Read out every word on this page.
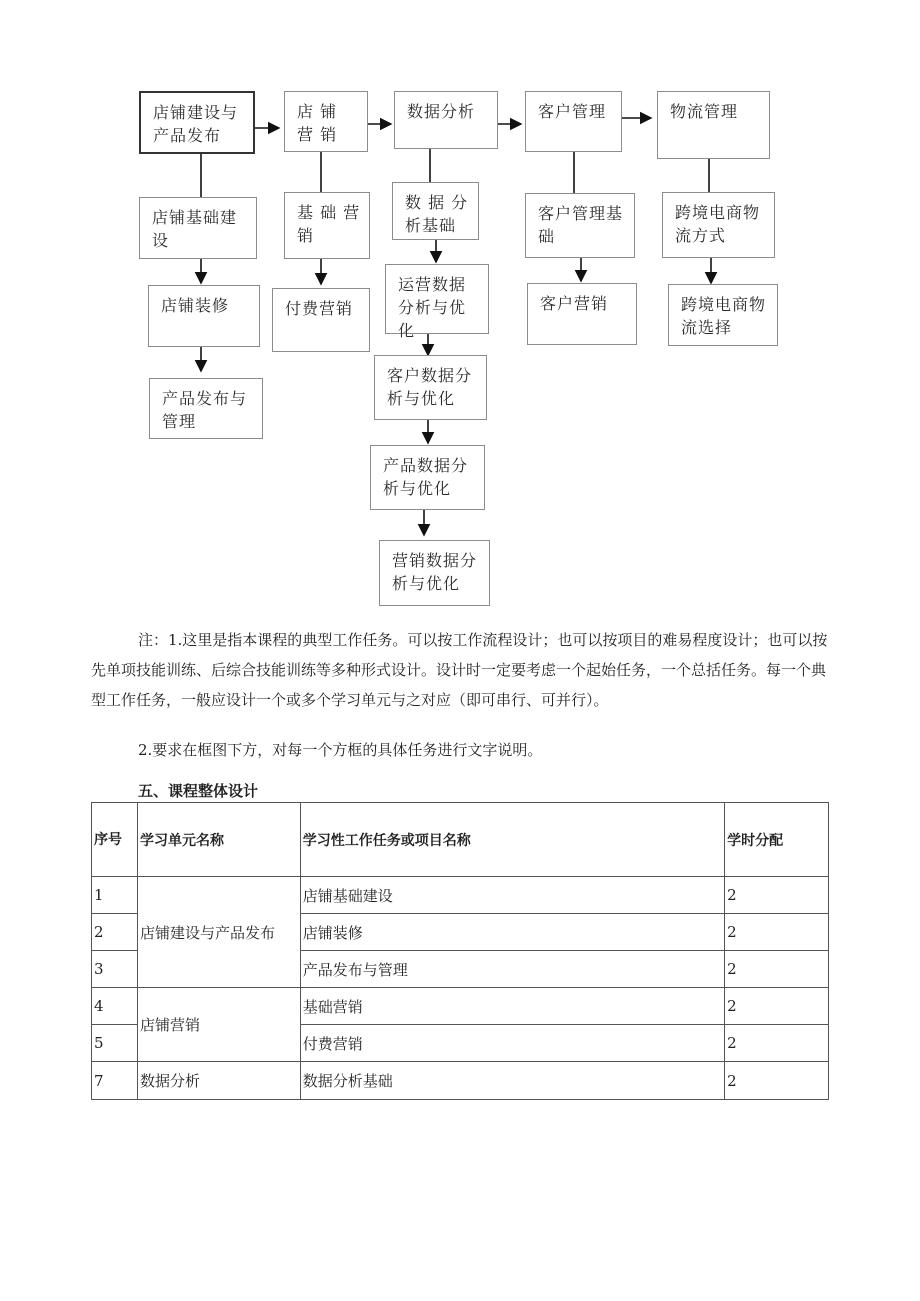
店铺建设与产品发布
店 铺 营 销
数据分析	客户管理	物流管理
店铺基础建设
店铺装修
产品发布与管理
基 础 营 销
付费营销
数 据 分 析基础
运营数据分析与优化
客户数据分析与优化
产品数据分析与优化
营销数据分析与优化
客户管理基础
客户营销
跨境电商物流方式
跨境电商物流选择

注：1.这里是指本课程的典型工作任务。可以按工作流程设计；也可以按项目的难易程度设计；也可以按先单项技能训练、后综合技能训练等多种形式设计。设计时一定要考虑一个起始任务，一个总括任务。每一个典型工作任务，一般应设计一个或多个学习单元与之对应（即可串行、可并行）。

2.要求在框图下方，对每一个方框的具体任务进行文字说明。

五、课程整体设计
序号	学习单元名称	学习性工作任务或项目名称	学时分配
1	店铺建设与产品发布	店铺基础建设	2
2		店铺装修	2
3		产品发布与管理	2
4	店铺营销	基础营销	2
5		付费营销	2
7	数据分析	数据分析基础	2
